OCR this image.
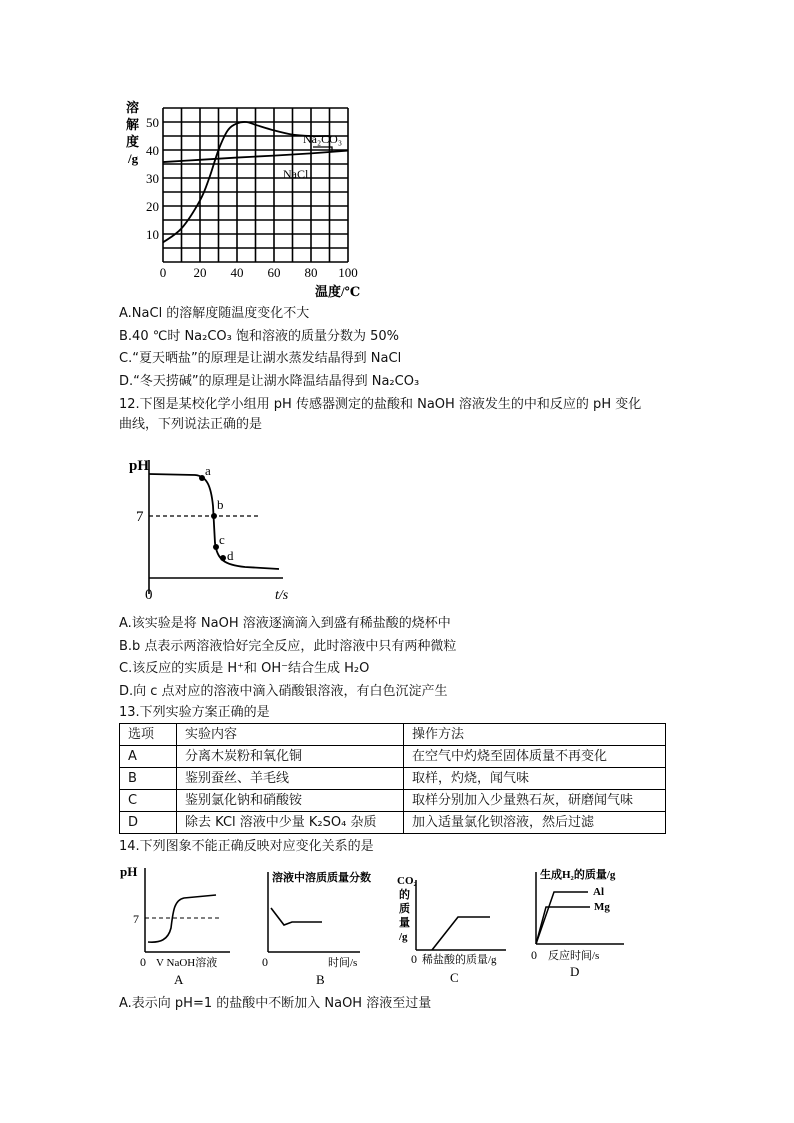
10
20
30
40
50
0 20 40 60 80 100
溶
解
度
/g
Na₂CO₃
NaCl
温度/℃
A.NaCl 的溶解度随温度变化不大
B.40 ℃时 Na₂CO₃ 饱和溶液的质量分数为 50%
C.“夏天晒盐”的原理是让湖水蒸发结晶得到 NaCl
D.“冬天捞碱”的原理是让湖水降温结晶得到 Na₂CO₃
12.下图是某校化学小组用 pH 传感器测定的盐酸和 NaOH 溶液发生的中和反应的 pH 变化
曲线，下列说法正确的是
a
b
c
d
pH
7
0	t/s
A.该实验是将 NaOH 溶液逐滴滴入到盛有稀盐酸的烧杯中
B.b 点表示两溶液恰好完全反应，此时溶液中只有两种微粒
C.该反应的实质是 H⁺和 OH⁻结合生成 H₂O
D.向 c 点对应的溶液中滴入硝酸银溶液，有白色沉淀产生
13.下列实验方案正确的是
选项	实验内容	操作方法
A	分离木炭粉和氧化铜	在空气中灼烧至固体质量不再变化
B	鉴别蚕丝、羊毛线	取样，灼烧，闻气味
C	鉴别氯化钠和硝酸铵	取样分别加入少量熟石灰，研磨闻气味
D	除去 KCl 溶液中少量 K₂SO₄ 杂质	加入适量氯化钡溶液，然后过滤
14.下列图象不能正确反映对应变化关系的是
pH
7
0 V NaOH溶液
A
溶液中溶质质量分数
0	时间/s
B
CO₂
的
质
量
/g
0 稀盐酸的质量/g
C
生成H₂的质量/g
Al
Mg
0 反应时间/s
D
A.表示向 pH=1 的盐酸中不断加入 NaOH 溶液至过量
